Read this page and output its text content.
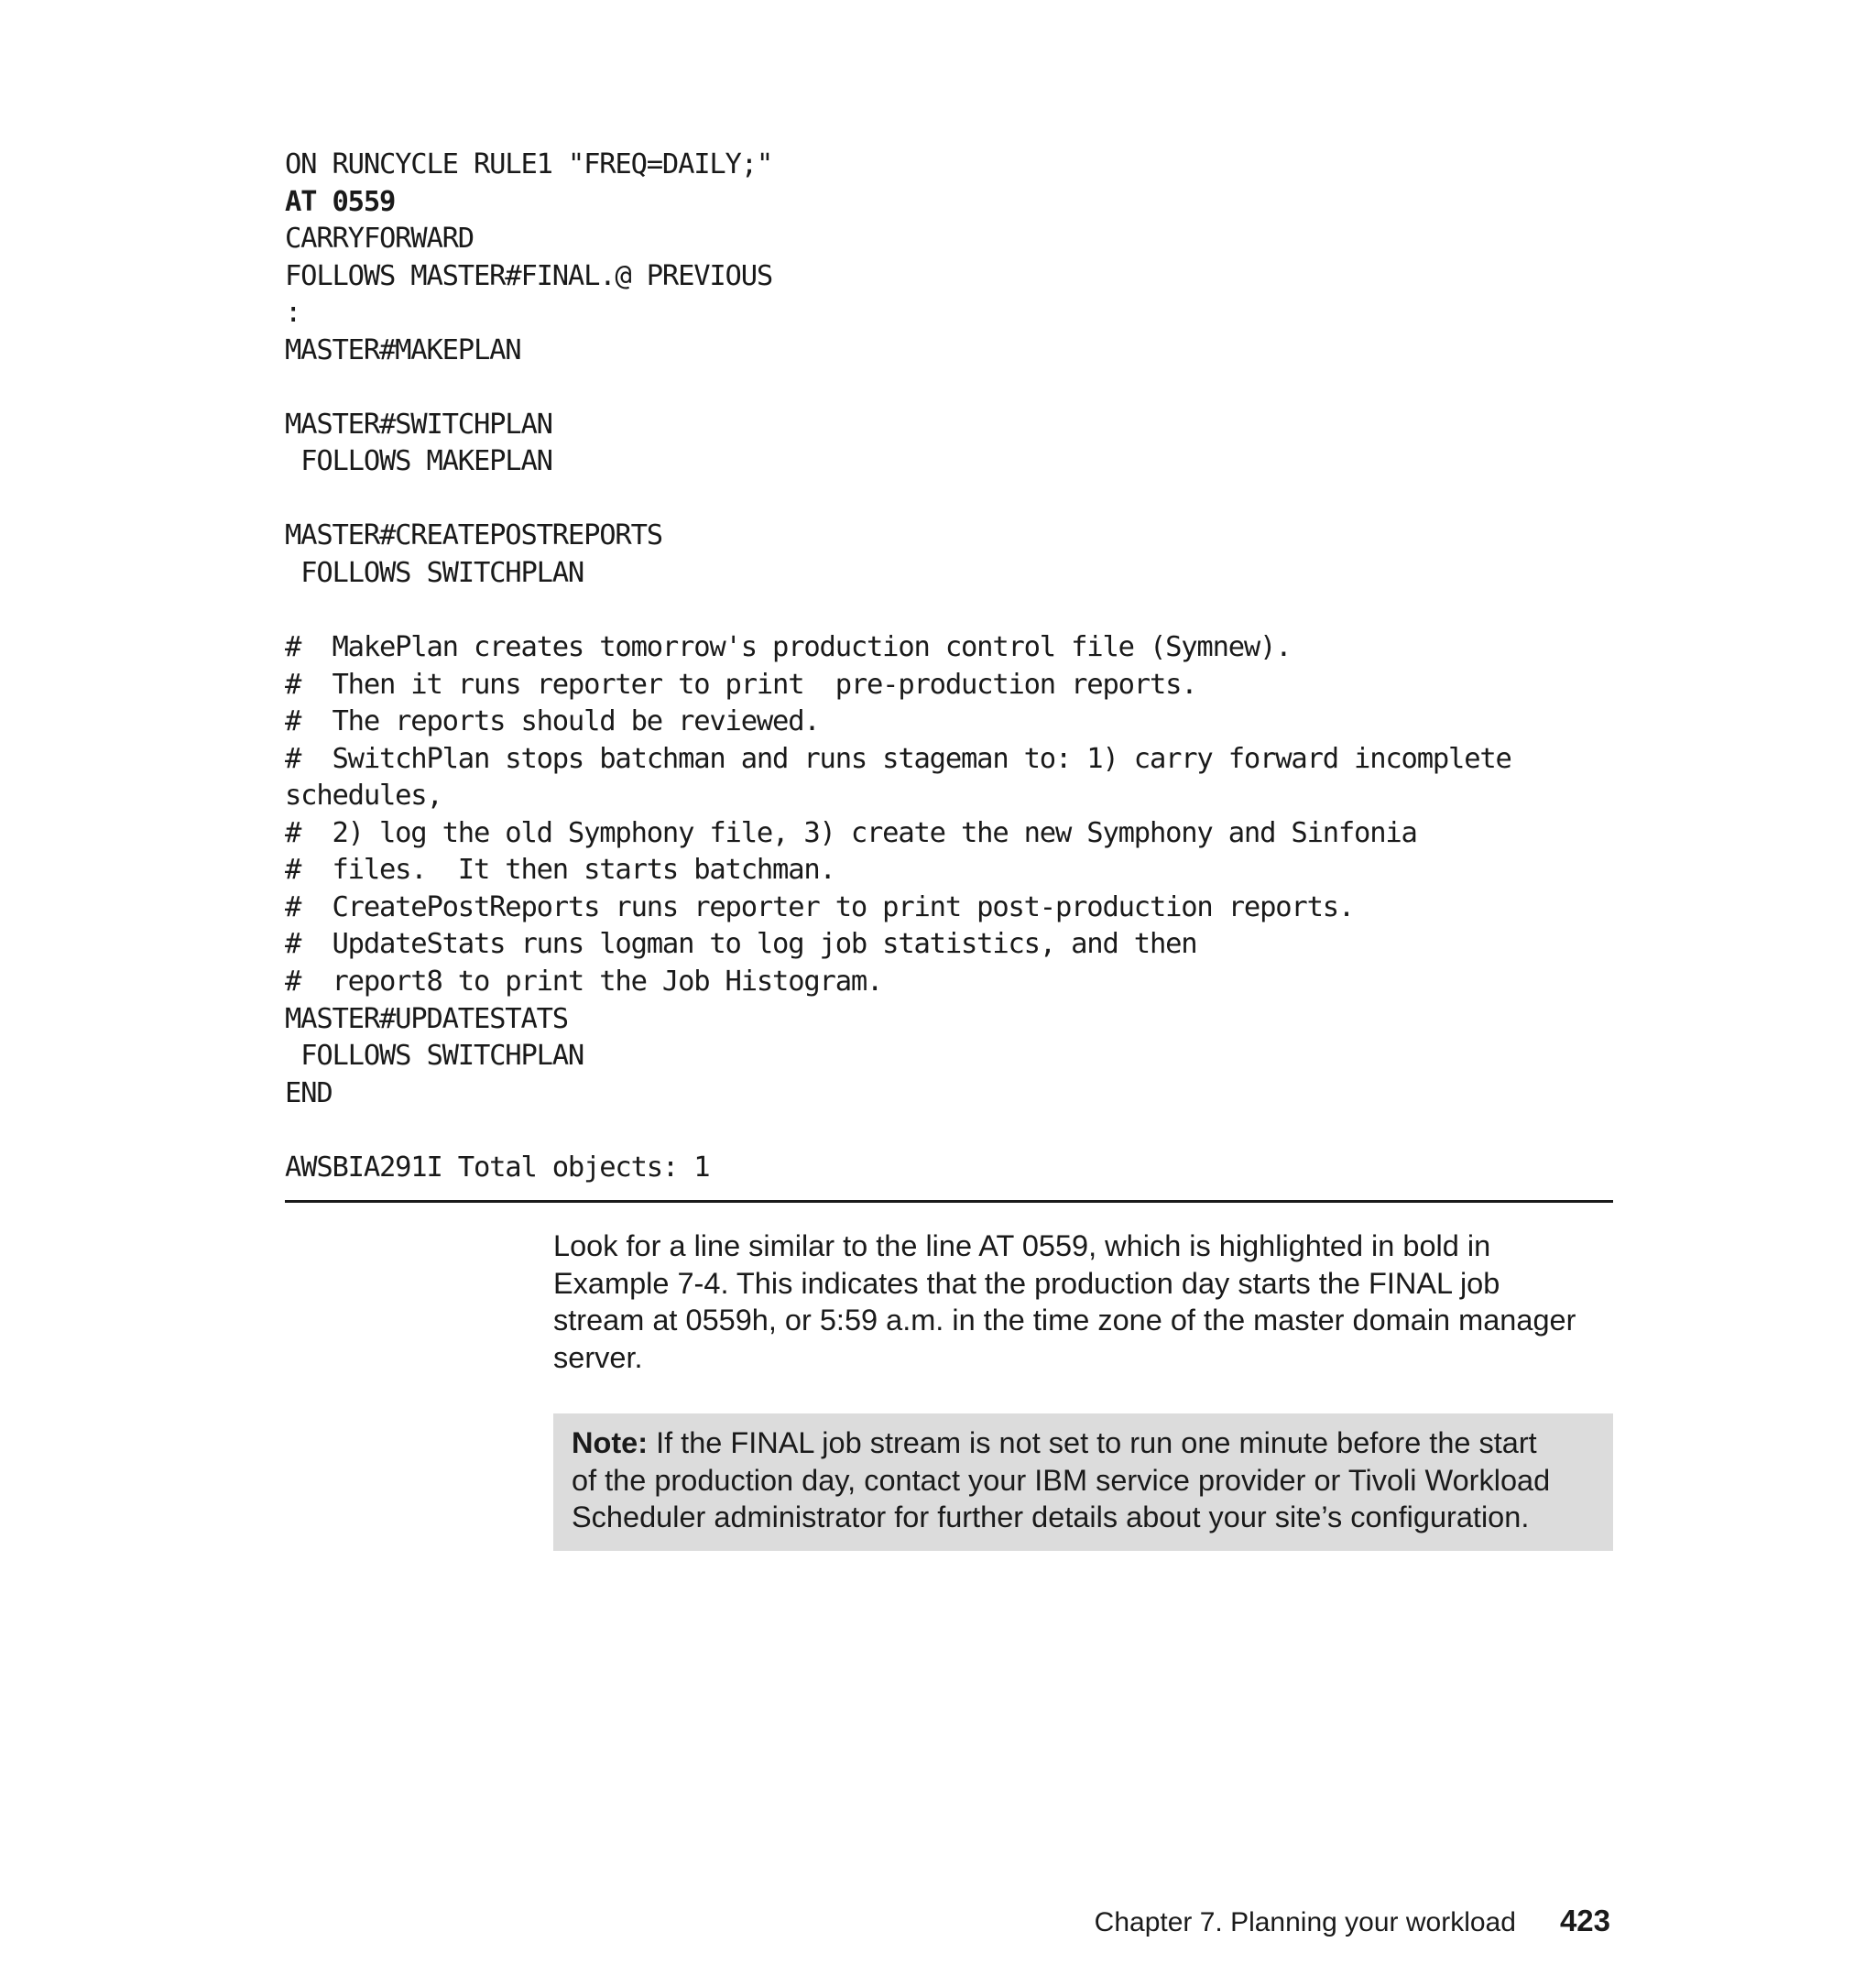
ON RUNCYCLE RULE1 "FREQ=DAILY;"
AT 0559
CARRYFORWARD
FOLLOWS MASTER#FINAL.@ PREVIOUS
:
MASTER#MAKEPLAN
MASTER#SWITCHPLAN
FOLLOWS MAKEPLAN
MASTER#CREATEPOSTREPORTS
FOLLOWS SWITCHPLAN
#  MakePlan creates tomorrow's production control file (Symnew).
#  Then it runs reporter to print  pre-production reports.
#  The reports should be reviewed.
#  SwitchPlan stops batchman and runs stageman to: 1) carry forward incomplete
schedules,
#  2) log the old Symphony file, 3) create the new Symphony and Sinfonia
#  files.  It then starts batchman.
#  CreatePostReports runs reporter to print post-production reports.
#  UpdateStats runs logman to log job statistics, and then
#  report8 to print the Job Histogram.
MASTER#UPDATESTATS
FOLLOWS SWITCHPLAN
END
AWSBIA291I Total objects: 1
Look for a line similar to the line AT 0559, which is highlighted in bold in
Example 7-4. This indicates that the production day starts the FINAL job
stream at 0559h, or 5:59 a.m. in the time zone of the master domain manager
server.
Note: If the FINAL job stream is not set to run one minute before the start
of the production day, contact your IBM service provider or Tivoli Workload
Scheduler administrator for further details about your site’s configuration.
Chapter 7. Planning your workload 423
